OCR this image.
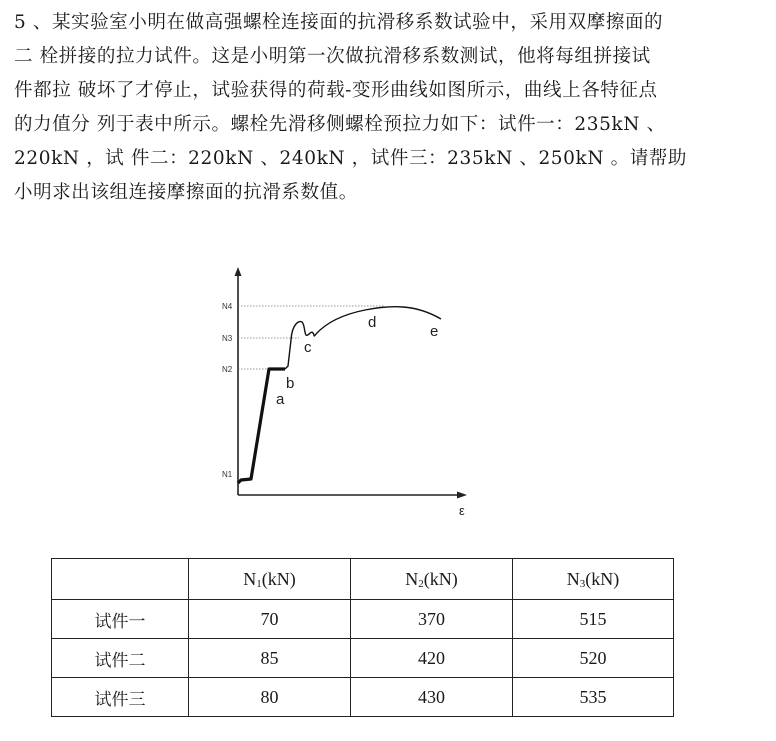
5 、某实验室小明在做高强螺栓连接面的抗滑移系数试验中，采用双摩擦面的
二 栓拼接的拉力试件。这是小明第一次做抗滑移系数测试，他将每组拼接试
件都拉 破坏了才停止，试验获得的荷载-变形曲线如图所示，曲线上各特征点
的力值分 列于表中所示。螺栓先滑移侧螺栓预拉力如下：试件一：235kN 、
220kN ，试 件二：220kN 、240kN ，试件三：235kN 、250kN 。请帮助
小明求出该组连接摩擦面的抗滑系数值。
N4
N3
N2
N1
a
b
c
d
e
ε
	$N_1(kN)$	$N_2(kN)$	$N_3(kN)$
试件一	70	370	515
试件二	85	420	520
试件三	80	430	535
